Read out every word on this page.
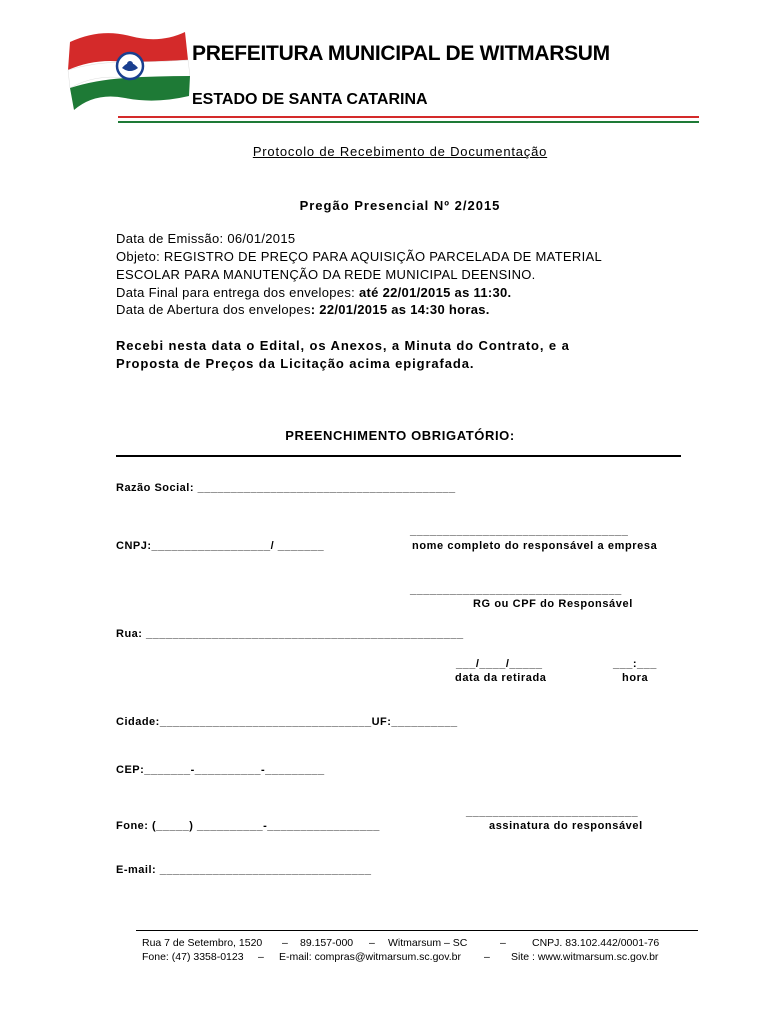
PREFEITURA MUNICIPAL DE WITMARSUM
ESTADO DE SANTA CATARINA
Protocolo de Recebimento de Documentação
Pregão Presencial Nº 2/2015
Data de Emissão: 06/01/2015
Objeto: REGISTRO DE PREÇO PARA AQUISIÇÃO PARCELADA DE MATERIAL
ESCOLAR PARA MANUTENÇÃO DA REDE MUNICIPAL DEENSINO.
Data Final para entrega dos envelopes: até 22/01/2015 as 11:30.
Data de Abertura dos envelopes: 22/01/2015 as 14:30 horas.
Recebi nesta data o Edital, os Anexos, a Minuta do Contrato, e a
Proposta de Preços da Licitação acima epigrafada.
PREENCHIMENTO OBRIGATÓRIO:
Razão Social: _______________________________________
_________________________________
CNPJ:__________________/ _______	nome completo do responsável a empresa
________________________________
RG ou CPF do Responsável
Rua: ________________________________________________
___/____/_____	___:___
data da retirada	hora
Cidade:________________________________UF:__________
CEP:_______-__________-_________
__________________________
Fone: (_____) __________-_________________	assinatura do responsável
E-mail: ________________________________
Rua 7 de Setembro, 1520 – 89.157-000 – Witmarsum – SC	– CNPJ. 83.102.442/0001-76
Fone: (47) 3358-0123 – E-mail: compras@witmarsum.sc.gov.br – Site : www.witmarsum.sc.gov.br
